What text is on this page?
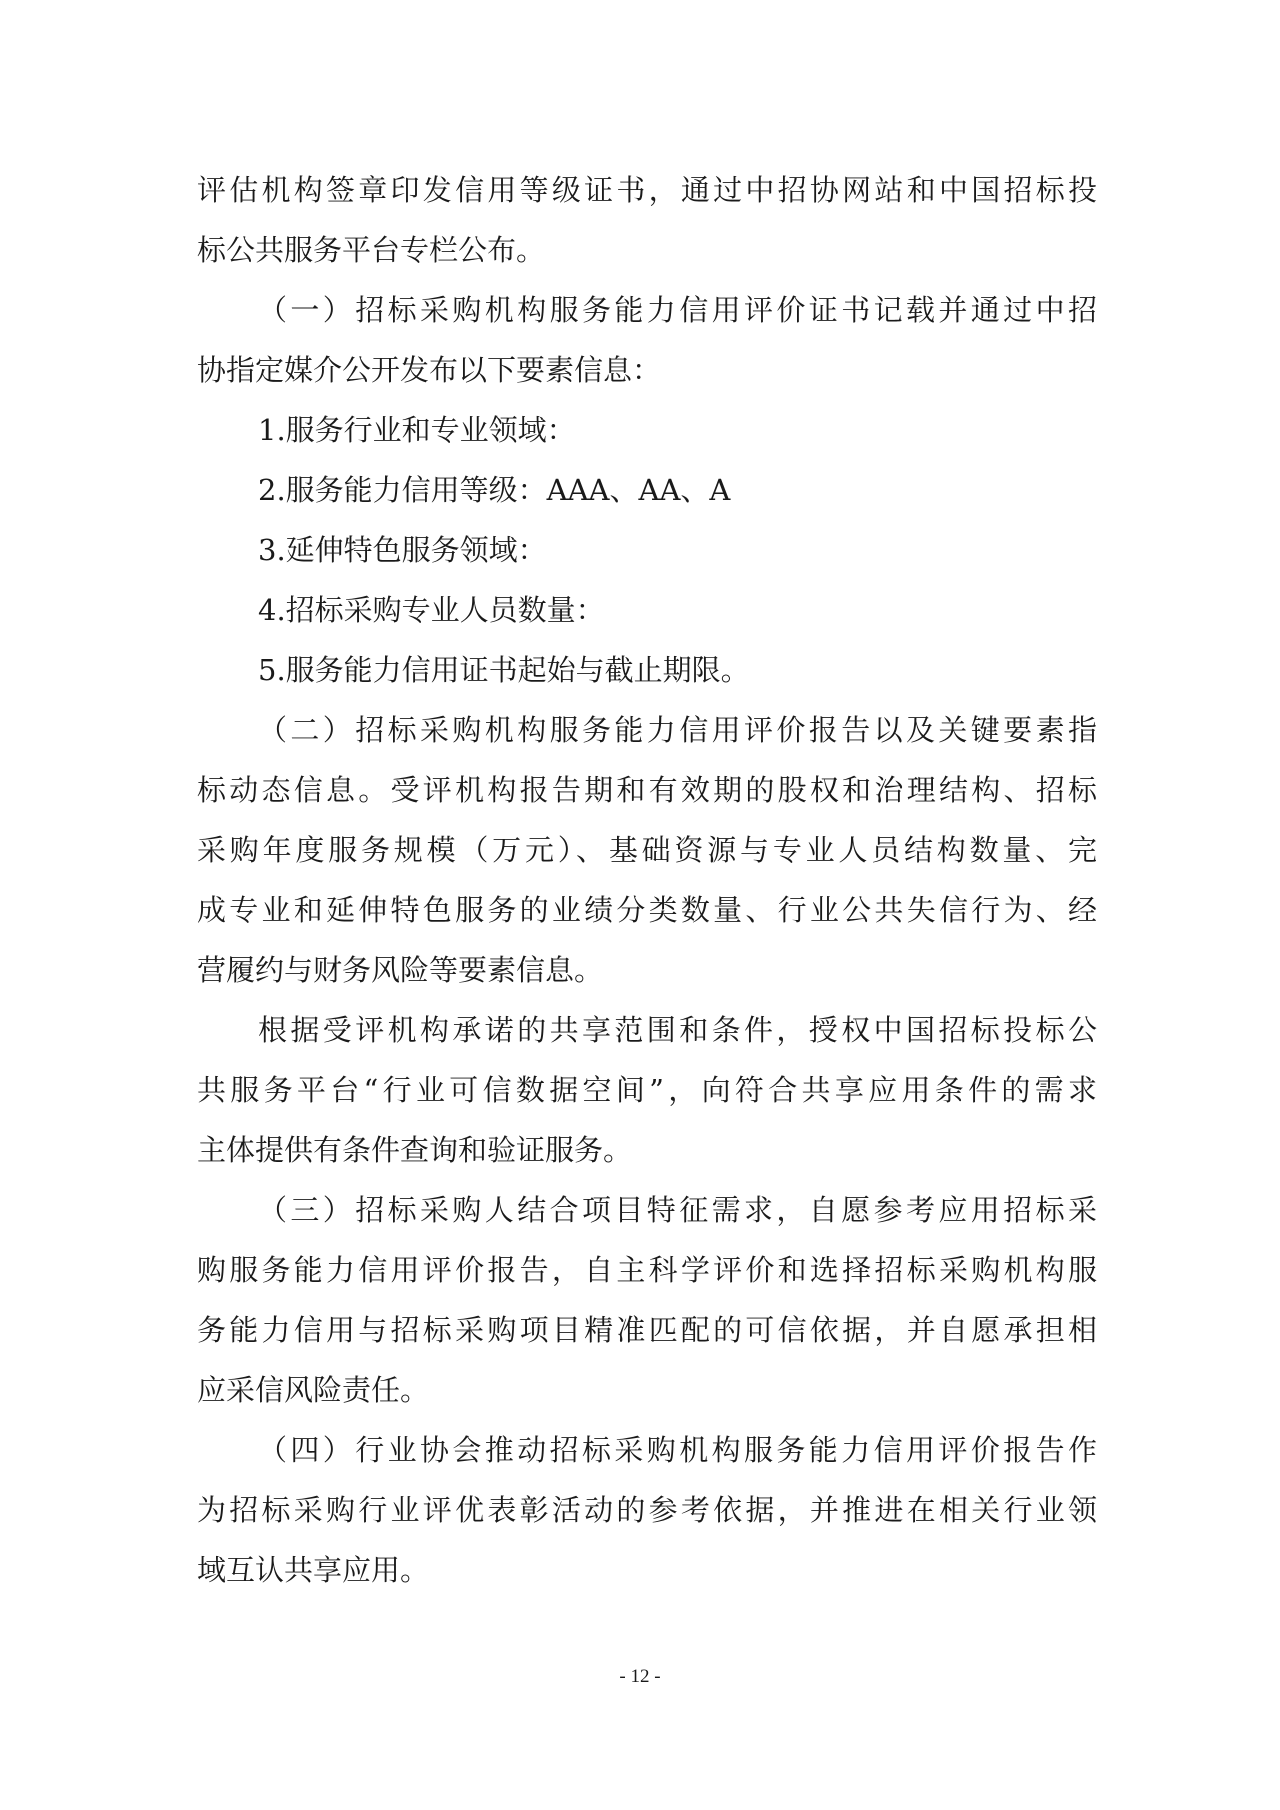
评估机构签章印发信用等级证书，通过中招协网站和中国招标投
标公共服务平台专栏公布。
（一）招标采购机构服务能力信用评价证书记载并通过中招
协指定媒介公开发布以下要素信息：
1.服务行业和专业领域：
2.服务能力信用等级：AAA、AA、A
3.延伸特色服务领域：
4.招标采购专业人员数量：
5.服务能力信用证书起始与截止期限。
（二）招标采购机构服务能力信用评价报告以及关键要素指
标动态信息。受评机构报告期和有效期的股权和治理结构、招标
采购年度服务规模（万元）、基础资源与专业人员结构数量、完
成专业和延伸特色服务的业绩分类数量、行业公共失信行为、经
营履约与财务风险等要素信息。
根据受评机构承诺的共享范围和条件，授权中国招标投标公
共服务平台“行业可信数据空间”，向符合共享应用条件的需求
主体提供有条件查询和验证服务。
（三）招标采购人结合项目特征需求，自愿参考应用招标采
购服务能力信用评价报告，自主科学评价和选择招标采购机构服
务能力信用与招标采购项目精准匹配的可信依据，并自愿承担相
应采信风险责任。
（四）行业协会推动招标采购机构服务能力信用评价报告作
为招标采购行业评优表彰活动的参考依据，并推进在相关行业领
域互认共享应用。
- 12 -
